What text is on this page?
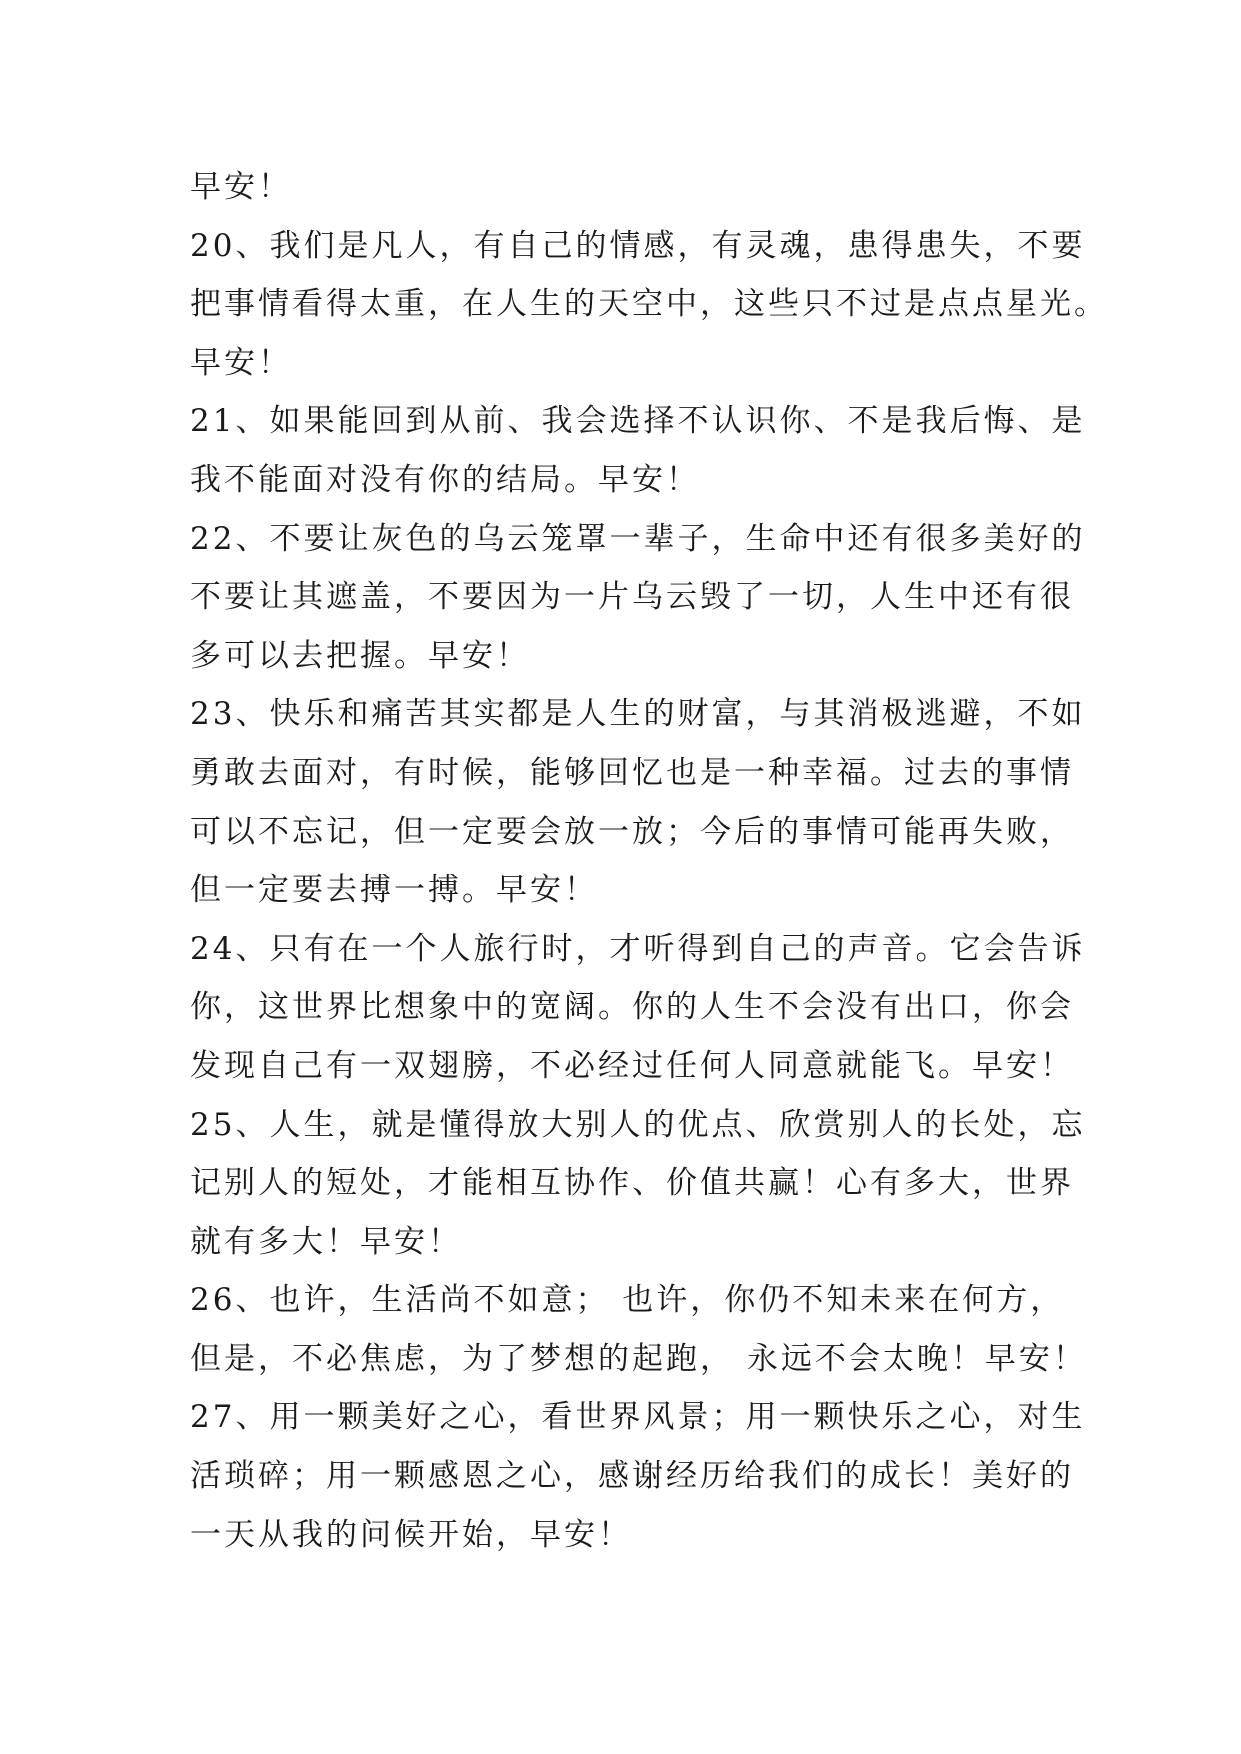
早安！
20、我们是凡人，有自己的情感，有灵魂，患得患失，不要
把事情看得太重，在人生的天空中，这些只不过是点点星光。
早安！
21、如果能回到从前、我会选择不认识你、不是我后悔、是
我不能面对没有你的结局。早安！
22、不要让灰色的乌云笼罩一辈子，生命中还有很多美好的
不要让其遮盖，不要因为一片乌云毁了一切，人生中还有很
多可以去把握。早安！
23、快乐和痛苦其实都是人生的财富，与其消极逃避，不如
勇敢去面对，有时候，能够回忆也是一种幸福。过去的事情
可以不忘记，但一定要会放一放；今后的事情可能再失败，
但一定要去搏一搏。早安！
24、只有在一个人旅行时，才听得到自己的声音。它会告诉
你，这世界比想象中的宽阔。你的人生不会没有出口，你会
发现自己有一双翅膀，不必经过任何人同意就能飞。早安！
25、人生，就是懂得放大别人的优点、欣赏别人的长处，忘
记别人的短处，才能相互协作、价值共赢！心有多大，世界
就有多大！早安！
26、也许，生活尚不如意； 也许，你仍不知未来在何方，
但是，不必焦虑，为了梦想的起跑， 永远不会太晚！早安！
27、用一颗美好之心，看世界风景；用一颗快乐之心，对生
活琐碎；用一颗感恩之心，感谢经历给我们的成长！美好的
一天从我的问候开始，早安！
